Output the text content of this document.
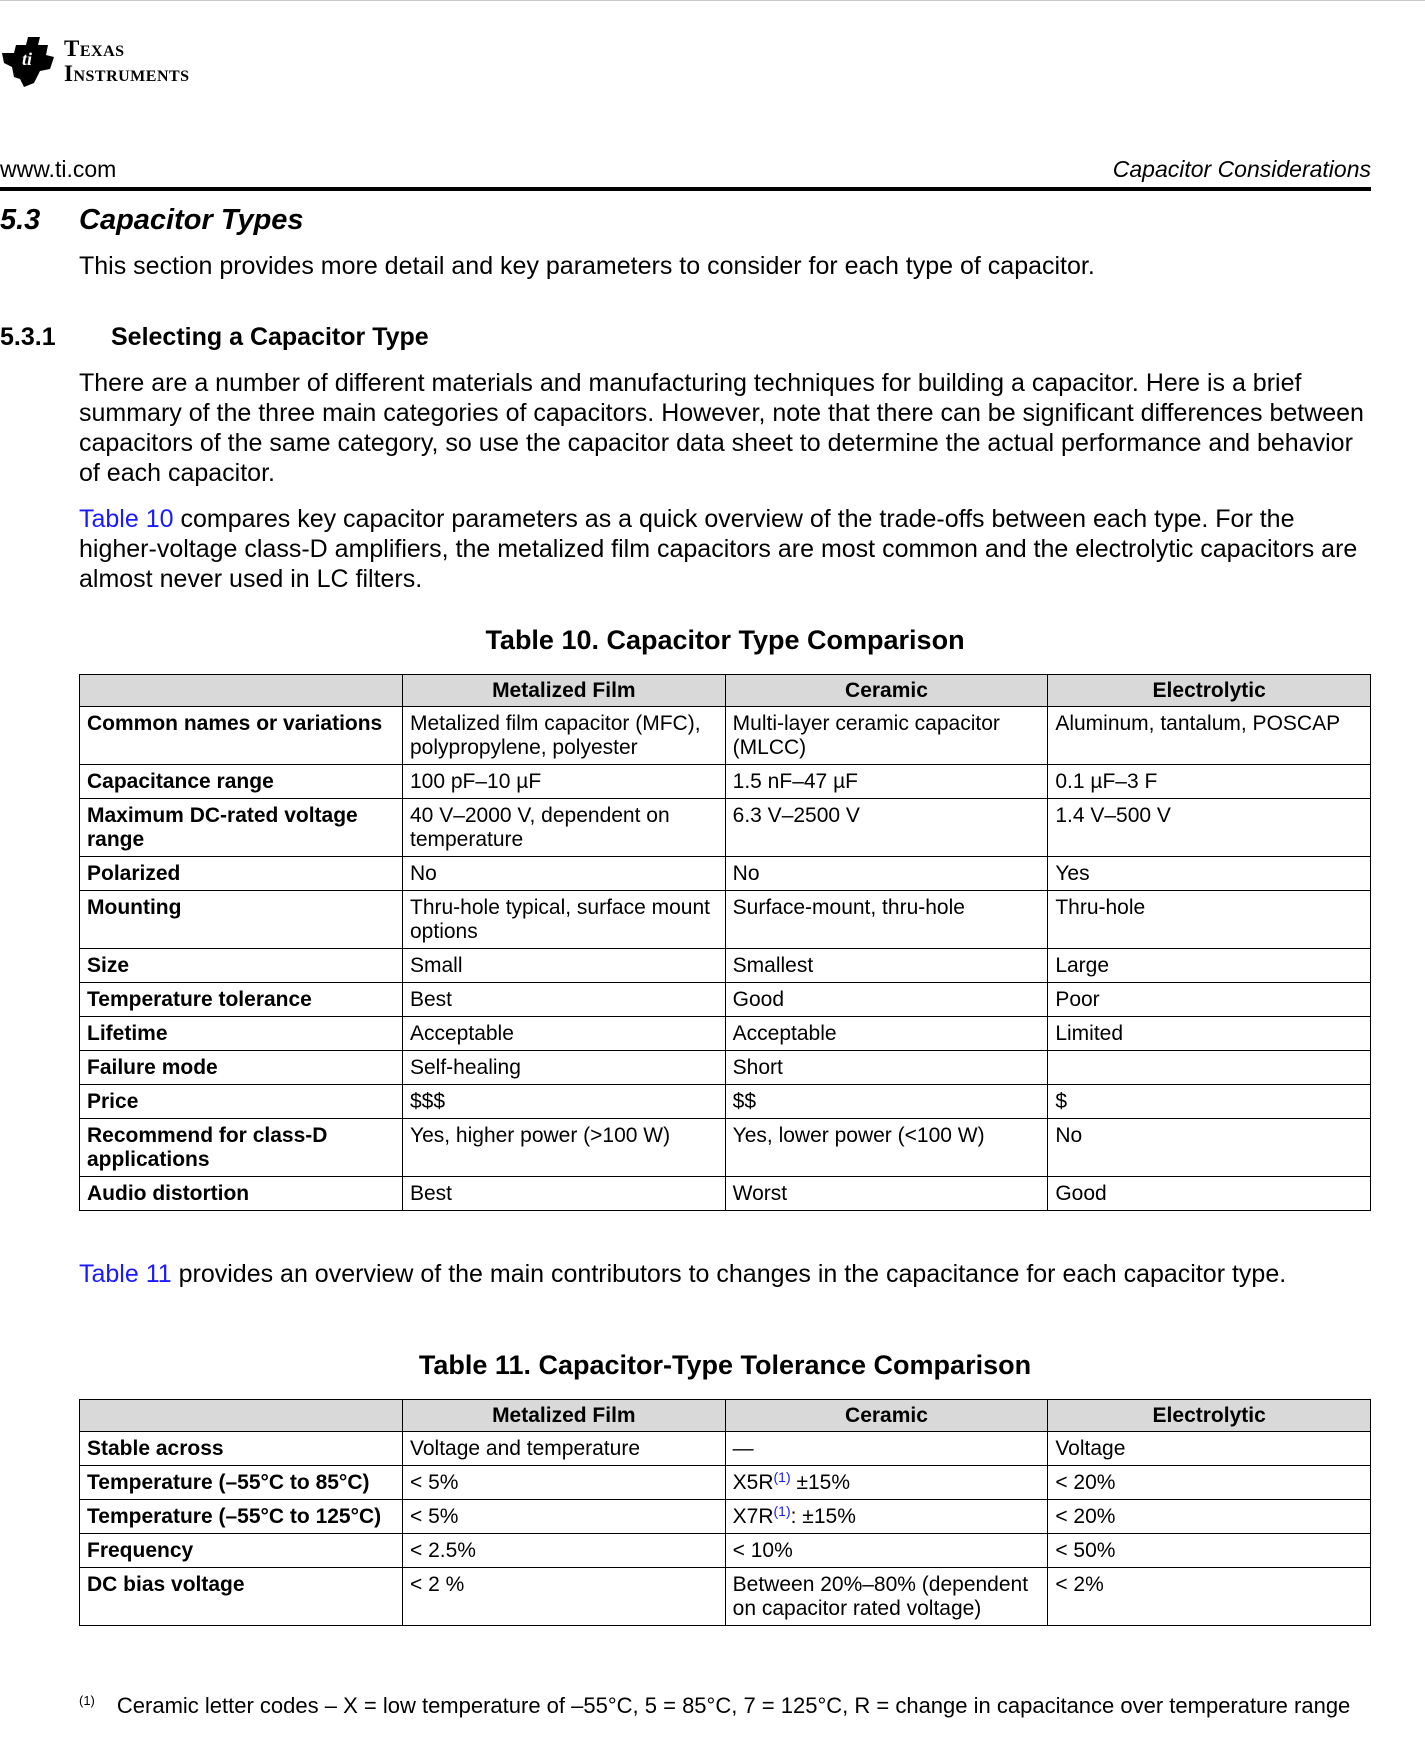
ti Texas
Instruments
www.ti.com	Capacitor Considerations
5.3 Capacitor Types
This section provides more detail and key parameters to consider for each type of capacitor.
5.3.1 Selecting a Capacitor Type
There are a number of different materials and manufacturing techniques for building a capacitor. Here is a brief summary of the three main categories of capacitors. However, note that there can be significant differences between capacitors of the same category, so use the capacitor data sheet to determine the actual performance and behavior of each capacitor.
Table 10 compares key capacitor parameters as a quick overview of the trade-offs between each type. For the higher-voltage class-D amplifiers, the metalized film capacitors are most common and the electrolytic capacitors are almost never used in LC filters.
Table 10. Capacitor Type Comparison
	Metalized Film	Ceramic	Electrolytic
Common names or variations	Metalized film capacitor (MFC), polypropylene, polyester	Multi-layer ceramic capacitor (MLCC)	Aluminum, tantalum, POSCAP
Capacitance range	100 pF–10 µF	1.5 nF–47 µF	0.1 µF–3 F
Maximum DC-rated voltage range	40 V–2000 V, dependent on temperature	6.3 V–2500 V	1.4 V–500 V
Polarized	No	No	Yes
Mounting	Thru-hole typical, surface mount options	Surface-mount, thru-hole	Thru-hole
Size	Small	Smallest	Large
Temperature tolerance	Best	Good	Poor
Lifetime	Acceptable	Acceptable	Limited
Failure mode	Self-healing	Short	
Price	$$$	$$	$
Recommend for class-D applications	Yes, higher power (>100 W)	Yes, lower power (<100 W)	No
Audio distortion	Best	Worst	Good
Table 11 provides an overview of the main contributors to changes in the capacitance for each capacitor type.
Table 11. Capacitor-Type Tolerance Comparison
	Metalized Film	Ceramic	Electrolytic
Stable across	Voltage and temperature	—	Voltage
Temperature (–55°C to 85°C)	< 5%	X5R$^{(1)}$ ±15%	< 20%
Temperature (–55°C to 125°C)	< 5%	X7R$^{(1)}$: ±15%	< 20%
Frequency	< 2.5%	< 10%	< 50%
DC bias voltage	< 2 %	Between 20%–80% (dependent on capacitor rated voltage)	< 2%
$^{(1)}$ Ceramic letter codes – X = low temperature of –55°C, 5 = 85°C, 7 = 125°C, R = change in capacitance over temperature range
